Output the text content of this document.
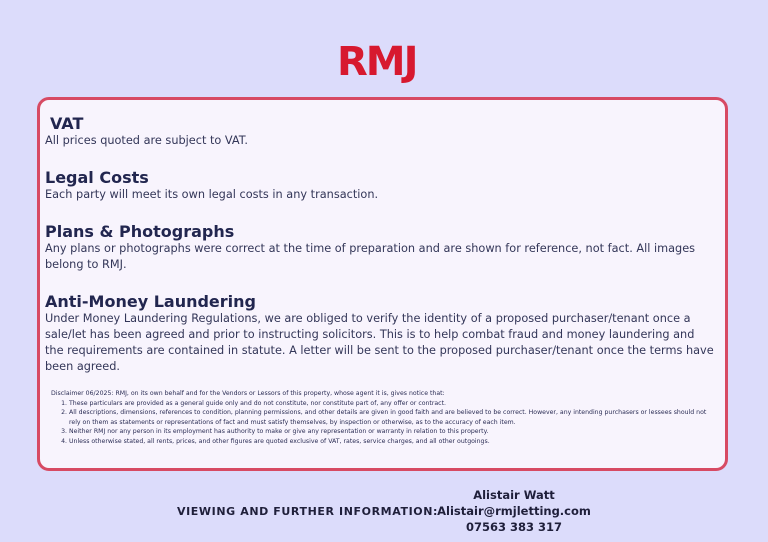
RMJ
VAT

All prices quoted are subject to VAT.

Legal Costs

Each party will meet its own legal costs in any transaction.

Plans & Photographs

Any plans or photographs were correct at the time of preparation and are shown for reference, not fact. All images belong to RMJ.

Anti-Money Laundering

Under Money Laundering Regulations, we are obliged to verify the identity of a proposed purchaser/tenant once a sale/let has been agreed and prior to instructing solicitors. This is to help combat fraud and money laundering and the requirements are contained in statute. A letter will be sent to the proposed purchaser/tenant once the terms have been agreed.

Disclaimer 06/2025: RMJ, on its own behalf and for the Vendors or Lessors of this property, whose agent it is, gives notice that:
1. These particulars are provided as a general guide only and do not constitute, nor constitute part of, any offer or contract.
2. All descriptions, dimensions, references to condition, planning permissions, and other details are given in good faith and are believed to be correct. However, any intending purchasers or lessees should not rely on them as statements or representations of fact and must satisfy themselves, by inspection or otherwise, as to the accuracy of each item.
3. Neither RMJ nor any person in its employment has authority to make or give any representation or warranty in relation to this property.
4. Unless otherwise stated, all rents, prices, and other figures are quoted exclusive of VAT, rates, service charges, and all other outgoings.
VIEWING AND FURTHER INFORMATION:
Alistair Watt
Alistair@rmjletting.com
07563 383 317
